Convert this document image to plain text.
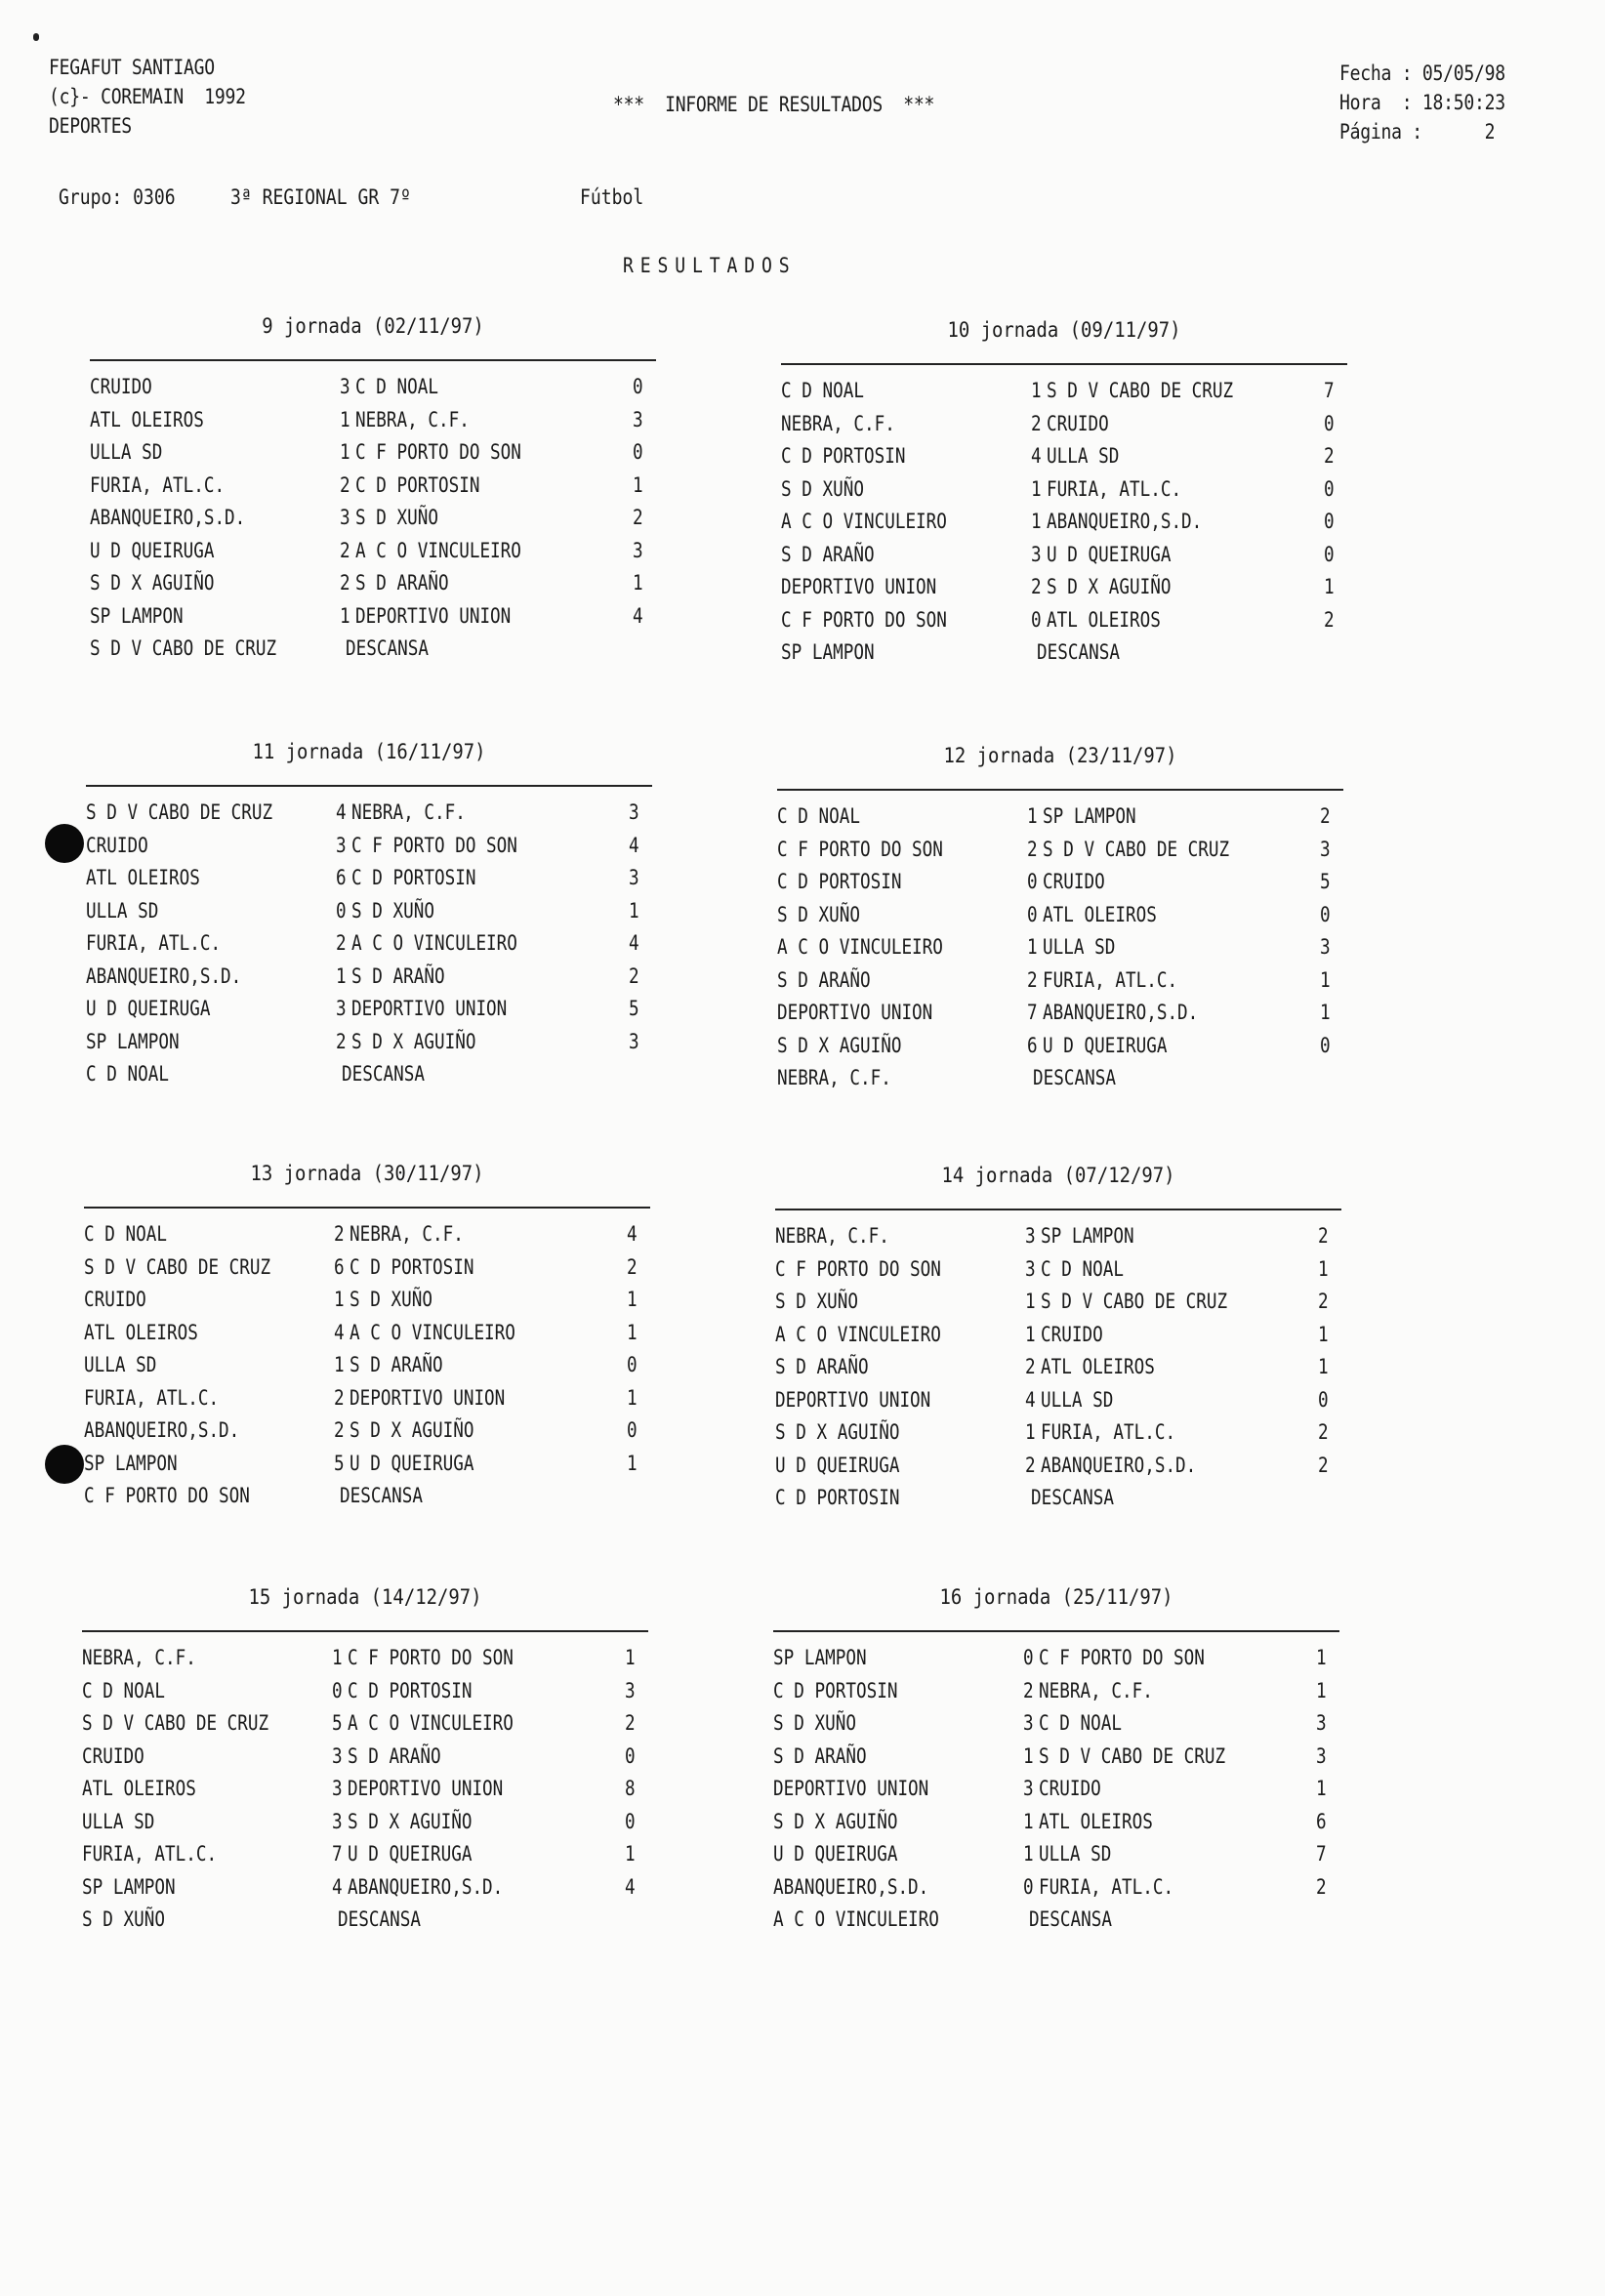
FEGAFUT SANTIAGO
(c}- COREMAIN  1992
DEPORTES
***  INFORME DE RESULTADOS  ***
Fecha : 05/05/98
Hora  : 18:50:23
Página :      2
Grupo: 0306	3ª REGIONAL GR 7º	Fútbol
RESULTADOS
9 jornada (02/11/97)
CRUIDO	3 C D NOAL	0
ATL OLEIROS	1 NEBRA, C.F.	3
ULLA SD	1 C F PORTO DO SON	0
FURIA, ATL.C.	2 C D PORTOSIN	1
ABANQUEIRO,S.D.	3 S D XUÑO	2
U D QUEIRUGA	2 A C O VINCULEIRO	3
S D X AGUIÑO	2 S D ARAÑO	1
SP LAMPON	1 DEPORTIVO UNION	4
S D V CABO DE CRUZ	DESCANSA
10 jornada (09/11/97)
C D NOAL	1 S D V CABO DE CRUZ	7
NEBRA, C.F.	2 CRUIDO	0
C D PORTOSIN	4 ULLA SD	2
S D XUÑO	1 FURIA, ATL.C.	0
A C O VINCULEIRO	1 ABANQUEIRO,S.D.	0
S D ARAÑO	3 U D QUEIRUGA	0
DEPORTIVO UNION	2 S D X AGUIÑO	1
C F PORTO DO SON	0 ATL OLEIROS	2
SP LAMPON	DESCANSA
11 jornada (16/11/97)
S D V CABO DE CRUZ	4 NEBRA, C.F.	3
CRUIDO	3 C F PORTO DO SON	4
ATL OLEIROS	6 C D PORTOSIN	3
ULLA SD	0 S D XUÑO	1
FURIA, ATL.C.	2 A C O VINCULEIRO	4
ABANQUEIRO,S.D.	1 S D ARAÑO	2
U D QUEIRUGA	3 DEPORTIVO UNION	5
SP LAMPON	2 S D X AGUIÑO	3
C D NOAL	DESCANSA
12 jornada (23/11/97)
C D NOAL	1 SP LAMPON	2
C F PORTO DO SON	2 S D V CABO DE CRUZ	3
C D PORTOSIN	0 CRUIDO	5
S D XUÑO	0 ATL OLEIROS	0
A C O VINCULEIRO	1 ULLA SD	3
S D ARAÑO	2 FURIA, ATL.C.	1
DEPORTIVO UNION	7 ABANQUEIRO,S.D.	1
S D X AGUIÑO	6 U D QUEIRUGA	0
NEBRA, C.F.	DESCANSA
13 jornada (30/11/97)
C D NOAL	2 NEBRA, C.F.	4
S D V CABO DE CRUZ	6 C D PORTOSIN	2
CRUIDO	1 S D XUÑO	1
ATL OLEIROS	4 A C O VINCULEIRO	1
ULLA SD	1 S D ARAÑO	0
FURIA, ATL.C.	2 DEPORTIVO UNION	1
ABANQUEIRO,S.D.	2 S D X AGUIÑO	0
SP LAMPON	5 U D QUEIRUGA	1
C F PORTO DO SON	DESCANSA
14 jornada (07/12/97)
NEBRA, C.F.	3 SP LAMPON	2
C F PORTO DO SON	3 C D NOAL	1
S D XUÑO	1 S D V CABO DE CRUZ	2
A C O VINCULEIRO	1 CRUIDO	1
S D ARAÑO	2 ATL OLEIROS	1
DEPORTIVO UNION	4 ULLA SD	0
S D X AGUIÑO	1 FURIA, ATL.C.	2
U D QUEIRUGA	2 ABANQUEIRO,S.D.	2
C D PORTOSIN	DESCANSA
15 jornada (14/12/97)
NEBRA, C.F.	1 C F PORTO DO SON	1
C D NOAL	0 C D PORTOSIN	3
S D V CABO DE CRUZ	5 A C O VINCULEIRO	2
CRUIDO	3 S D ARAÑO	0
ATL OLEIROS	3 DEPORTIVO UNION	8
ULLA SD	3 S D X AGUIÑO	0
FURIA, ATL.C.	7 U D QUEIRUGA	1
SP LAMPON	4 ABANQUEIRO,S.D.	4
S D XUÑO	DESCANSA
16 jornada (25/11/97)
SP LAMPON	0 C F PORTO DO SON	1
C D PORTOSIN	2 NEBRA, C.F.	1
S D XUÑO	3 C D NOAL	3
S D ARAÑO	1 S D V CABO DE CRUZ	3
DEPORTIVO UNION	3 CRUIDO	1
S D X AGUIÑO	1 ATL OLEIROS	6
U D QUEIRUGA	1 ULLA SD	7
ABANQUEIRO,S.D.	0 FURIA, ATL.C.	2
A C O VINCULEIRO	DESCANSA
